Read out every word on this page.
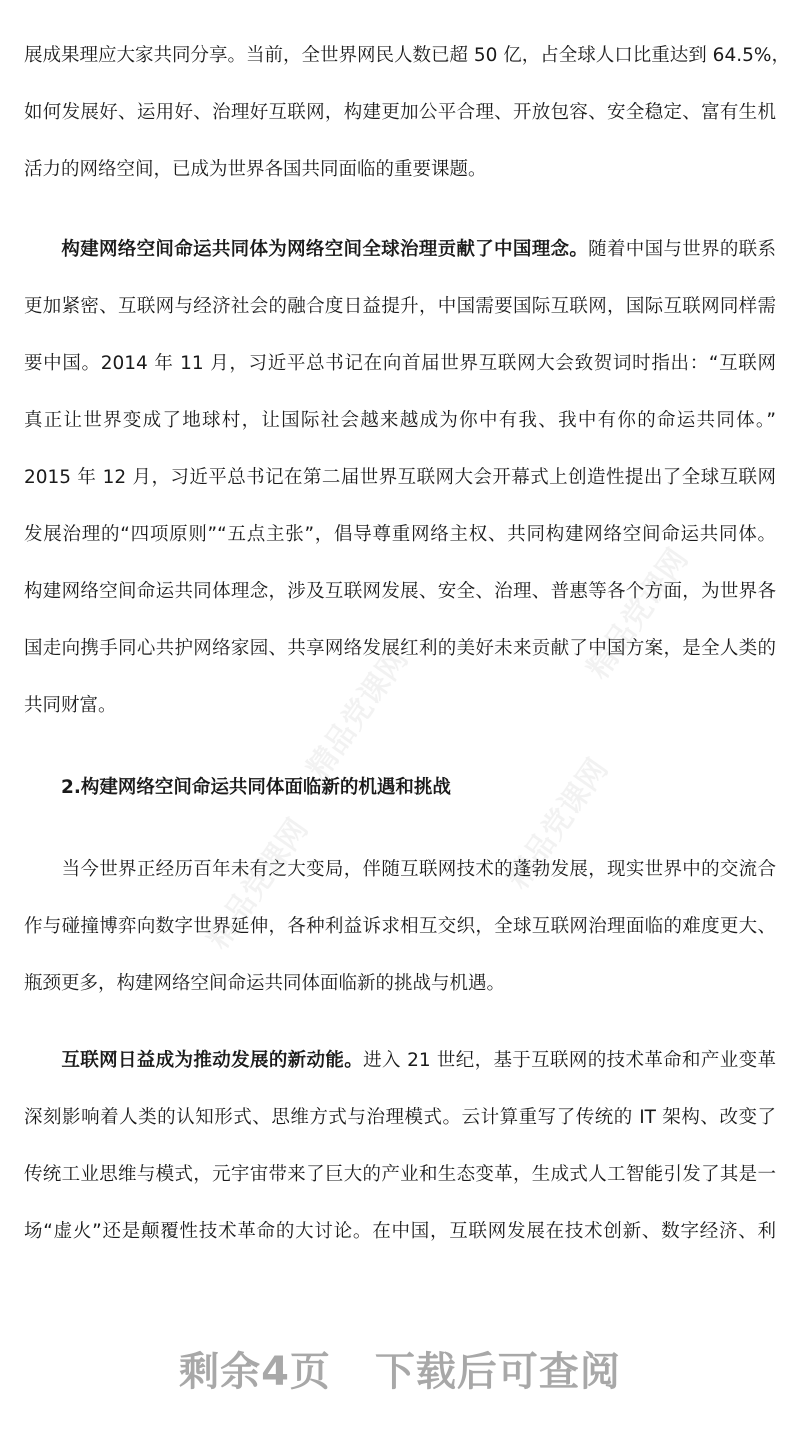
精品党课网
精品党课网
精品党课网	精品党课网
展成果理应大家共同分享。当前，全世界网民人数已超 50 亿，占全球人口比重达到 64.5%，
如何发展好、运用好、治理好互联网，构建更加公平合理、开放包容、安全稳定、富有生机
活力的网络空间，已成为世界各国共同面临的重要课题。
构建网络空间命运共同体为网络空间全球治理贡献了中国理念。随着中国与世界的联系
更加紧密、互联网与经济社会的融合度日益提升，中国需要国际互联网，国际互联网同样需
要中国。2014 年 11 月，习近平总书记在向首届世界互联网大会致贺词时指出：“互联网
真正让世界变成了地球村，让国际社会越来越成为你中有我、我中有你的命运共同体。”
2015 年 12 月，习近平总书记在第二届世界互联网大会开幕式上创造性提出了全球互联网
发展治理的“四项原则”“五点主张”，倡导尊重网络主权、共同构建网络空间命运共同体。
构建网络空间命运共同体理念，涉及互联网发展、安全、治理、普惠等各个方面，为世界各
国走向携手同心共护网络家园、共享网络发展红利的美好未来贡献了中国方案，是全人类的
共同财富。
2.构建网络空间命运共同体面临新的机遇和挑战
　　当今世界正经历百年未有之大变局，伴随互联网技术的蓬勃发展，现实世界中的交流合
作与碰撞博弈向数字世界延伸，各种利益诉求相互交织，全球互联网治理面临的难度更大、
瓶颈更多，构建网络空间命运共同体面临新的挑战与机遇。
互联网日益成为推动发展的新动能。进入 21 世纪，基于互联网的技术革命和产业变革
深刻影响着人类的认知形式、思维方式与治理模式。云计算重写了传统的 IT 架构、改变了
传统工业思维与模式，元宇宙带来了巨大的产业和生态变革，生成式人工智能引发了其是一
场“虚火”还是颠覆性技术革命的大讨论。在中国，互联网发展在技术创新、数字经济、利
剩余4页 下载后可查阅
